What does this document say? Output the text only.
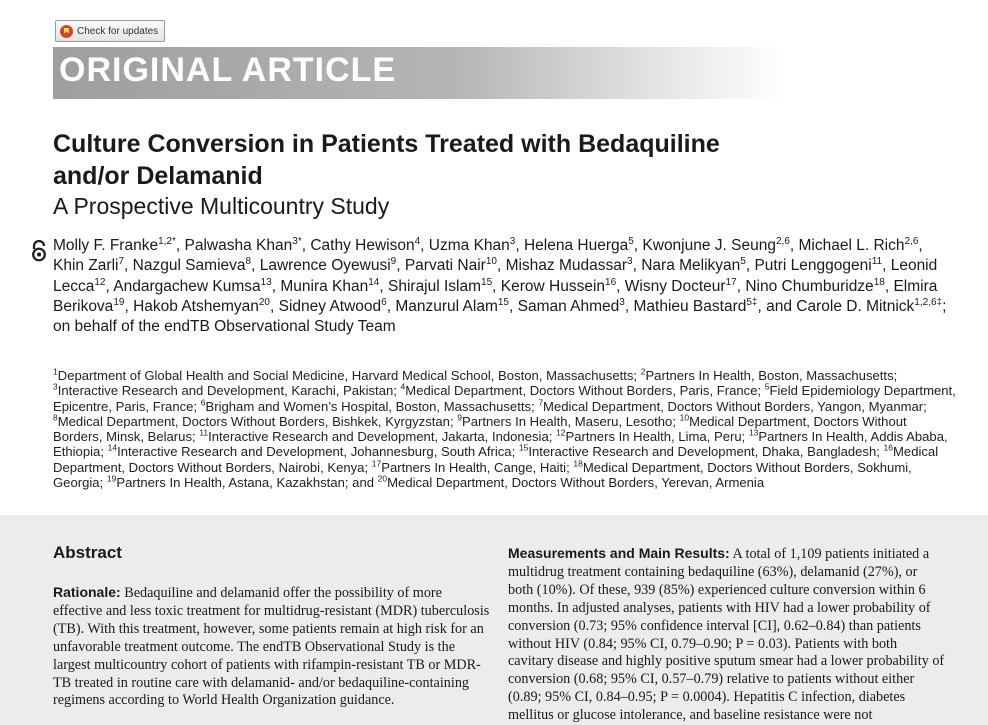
Check for updates
ORIGINAL ARTICLE
Culture Conversion in Patients Treated with Bedaquiline
and/or Delamanid
A Prospective Multicountry Study

Molly F. Franke$^{1,2*}$, Palwasha Khan$^{3*}$, Cathy Hewison$^4$, Uzma Khan$^3$, Helena Huerga$^5$, Kwonjune J. Seung$^{2,6}$, Michael L. Rich$^{2,6}$, Khin Zarli$^7$, Nazgul Samieva$^8$, Lawrence Oyewusi$^9$, Parvati Nair$^{10}$, Mishaz Mudassar$^3$, Nara Melikyan$^5$, Putri Lenggogeni$^{11}$, Leonid Lecca$^{12}$, Andargachew Kumsa$^{13}$, Munira Khan$^{14}$, Shirajul Islam$^{15}$, Kerow Hussein$^{16}$, Wisny Docteur$^{17}$, Nino Chumburidze$^{18}$, Elmira Berikova$^{19}$, Hakob Atshemyan$^{20}$, Sidney Atwood$^6$, Manzurul Alam$^{15}$, Saman Ahmed$^3$, Mathieu Bastard$^{5\ddagger}$, and Carole D. Mitnick$^{1,2,6\ddagger}$; on behalf of the endTB Observational Study Team

$^1$Department of Global Health and Social Medicine, Harvard Medical School, Boston, Massachusetts; $^2$Partners In Health, Boston, Massachusetts; $^3$Interactive Research and Development, Karachi, Pakistan; $^4$Medical Department, Doctors Without Borders, Paris, France; $^5$Field Epidemiology Department, Epicentre, Paris, France; $^6$Brigham and Women’s Hospital, Boston, Massachusetts; $^7$Medical Department, Doctors Without Borders, Yangon, Myanmar; $^8$Medical Department, Doctors Without Borders, Bishkek, Kyrgyzstan; $^9$Partners In Health, Maseru, Lesotho; $^{10}$Medical Department, Doctors Without Borders, Minsk, Belarus; $^{11}$Interactive Research and Development, Jakarta, Indonesia; $^{12}$Partners In Health, Lima, Peru; $^{13}$Partners In Health, Addis Ababa, Ethiopia; $^{14}$Interactive Research and Development, Johannesburg, South Africa; $^{15}$Interactive Research and Development, Dhaka, Bangladesh; $^{16}$Medical Department, Doctors Without Borders, Nairobi, Kenya; $^{17}$Partners In Health, Cange, Haiti; $^{18}$Medical Department, Doctors Without Borders, Sokhumi, Georgia; $^{19}$Partners In Health, Astana, Kazakhstan; and $^{20}$Medical Department, Doctors Without Borders, Yerevan, Armenia

Abstract

Rationale: Bedaquiline and delamanid offer the possibility of more effective and less toxic treatment for multidrug-resistant (MDR) tuberculosis (TB). With this treatment, however, some patients remain at high risk for an unfavorable treatment outcome. The endTB Observational Study is the largest multicountry cohort of patients with rifampin-resistant TB or MDR-TB treated in routine care with delamanid- and/or bedaquiline-containing regimens according to World Health Organization guidance.

Measurements and Main Results: A total of 1,109 patients initiated a multidrug treatment containing bedaquiline (63%), delamanid (27%), or both (10%). Of these, 939 (85%) experienced culture conversion within 6 months. In adjusted analyses, patients with HIV had a lower probability of conversion (0.73; 95% confidence interval [CI], 0.62–0.84) than patients without HIV (0.84; 95% CI, 0.79–0.90; P = 0.03). Patients with both cavitary disease and highly positive sputum smear had a lower probability of conversion (0.68; 95% CI, 0.57–0.79) relative to patients without either (0.89; 95% CI, 0.84–0.95; P = 0.0004). Hepatitis C infection, diabetes mellitus or glucose intolerance, and baseline resistance were not
